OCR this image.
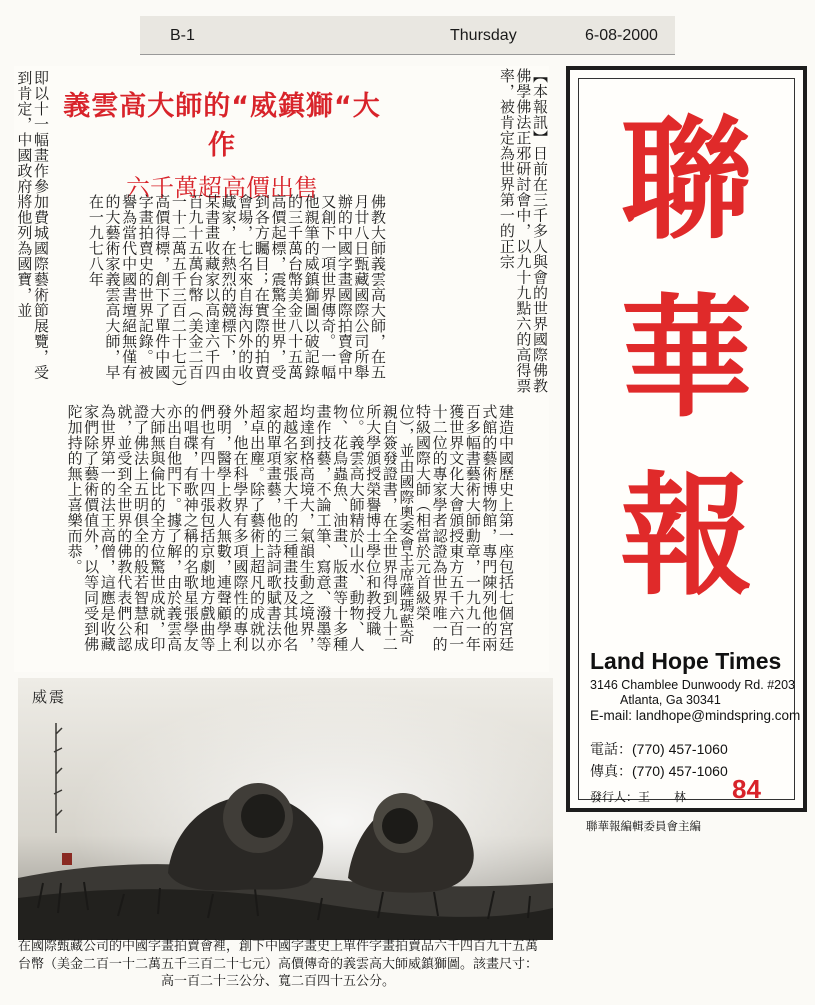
B-1	Thursday	6-08-2000
即以十一幅畫作參加費城國際藝術節展覽，受到肯定，中國政府將他列為國寶，並	義雲高大師的“威鎮獅“大作
六千萬超高價出售
佛教大師義雲高大師，在五月廿八日甄藏國際公司所舉辦的中國字畫國際拍賣會中又創下一項世界傳奇。一幅他親筆的威鎮獅圖以破記錄的三千萬台幣美金八十五萬高價起標，震驚全世界，受到各方矚目；在實際的拍賣會場，七名來自海內外的收藏家，在熱烈的競標下，由某書畫收藏家以高達六千四百九十五萬台幣（美金二百一十二萬五千三百二十七元）高價得標，創下了單件中國字畫拍賣史的世界記錄。被譽為當代中國書壇絕無僅有的大藝術家義雲高大師，早在一九七八年	【本報訊】日前在三千多人與會的世界國際佛教佛學佛法正邪研討會中，以九十九點六的高得票率，被肯定為世界第一的正宗
建造中國歷史上第一座包括七個宮廷式館的藝術博物館，專門陳列他的兩百多幅書藝術大師勳章，一九九一年獲世界文化大會頒授東方五千六百一十二位的專家學者認證為世界唯一的特級國際大師（相當於元首級榮位），並由國際奧委會主席薩瑪藍奇親自簽發證書，在全世界得到九十二所大學頒授榮譽博士學位和教授職位。義雲高大師精於山水、動物、人物、花鳥蟲魚、油畫、版畫等十多種畫作技藝，不論工筆、寫意、潑墨等均達到格高境大，氣韻生動之境界，超越名家張大千的三種畫技及其他名家的單項畫藝，他的詩詞歌賦書法亦超卓出塵。除了藝術上超凡的成就以外，他在科學界有多項國際性的專利發明，醫學上救人無數，連聲顧學上們也有四十四張包括京劇地方戲曲等的唱碟，有歌神之稱的名歌星張學友亦出自他門下。據了解，由於義雲高大師無與倫比的全方位驚世成就，印證了佛法上五明俱全的般若智慧和成就，並受到全世界的佛教代表們公認為世界第一的法王高僧，這應是收藏家們除了藝術價值外，以等同受到佛陀加持的無上喜樂而恭。
聯
華
報
Land Hope Times
3146 Chamblee Dunwoody Rd. #203
Atlanta, Ga 30341
E-mail: landhope@mindspring.com
電話：(770) 457-1060
傳真：(770) 457-1060
發行人：王　　林 84
聯華報編輯委員會主編
威震
在國際甄藏公司的中國字畫拍賣會裡，創下中國字畫史上單件字畫拍賣品六千四百九十五萬台幣（美金二百一十二萬五千三百二十七元）高價傳奇的義雲高大師威鎮獅圖。該畫尺寸：高一百二十三公分、寬二百四十五公分。
